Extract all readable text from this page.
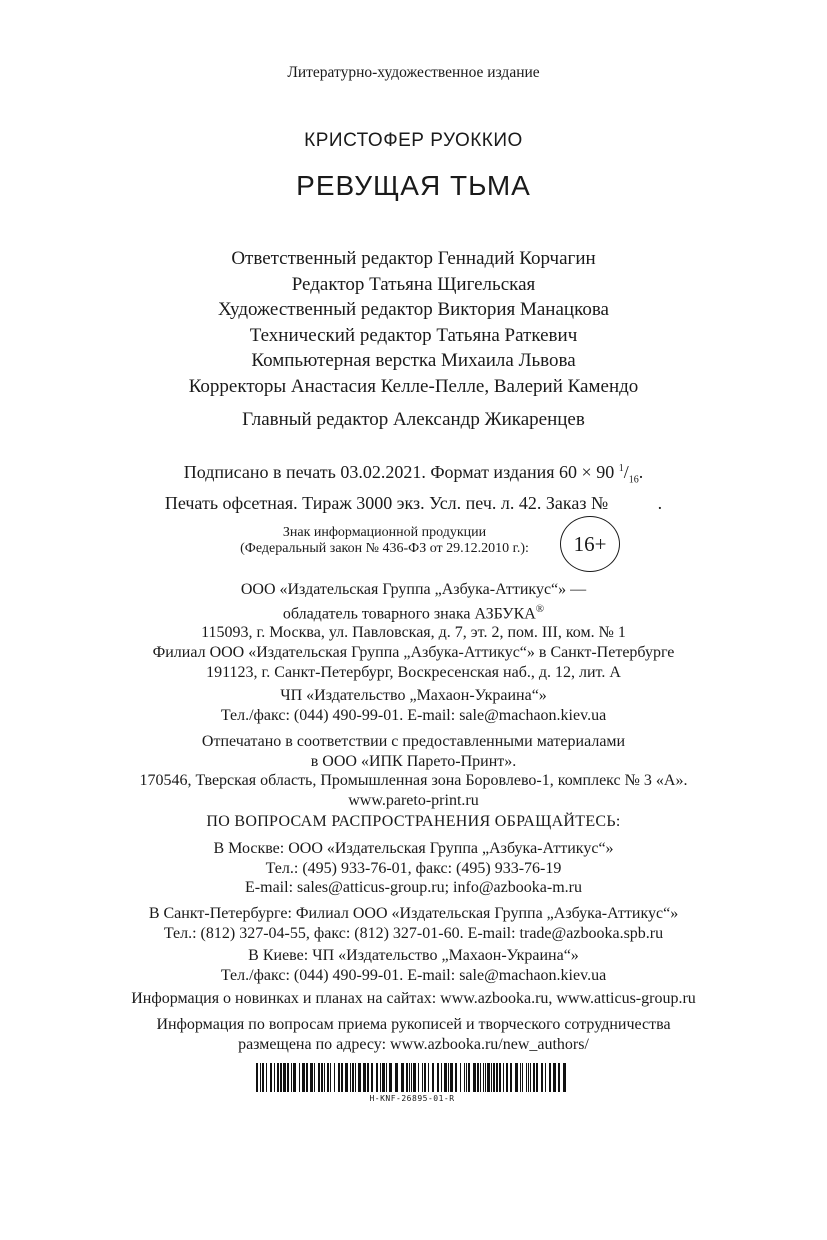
Литературно-художественное издание
КРИСТОФЕР РУОККИО
РЕВУЩАЯ ТЬМА
Ответственный редактор Геннадий Корчагин
Редактор Татьяна Щигельская
Художественный редактор Виктория Манацкова
Технический редактор Татьяна Раткевич
Компьютерная верстка Михаила Львова
Корректоры Анастасия Келле-Пелле, Валерий Камендо
Главный редактор Александр Жикаренцев
Подписано в печать 03.02.2021. Формат издания 60 × 90 $^1/_{16}$.
Печать офсетная. Тираж 3000 экз. Усл. печ. л. 42. Заказ №           .
Знак информационной продукции
(Федеральный закон № 436-ФЗ от 29.12.2010 г.):	16+
ООО «Издательская Группа „Азбука-Аттикус“» —
обладатель товарного знака АЗБУКА®
115093, г. Москва, ул. Павловская, д. 7, эт. 2, пом. III, ком. № 1
Филиал ООО «Издательская Группа „Азбука-Аттикус“» в Санкт-Петербурге
191123, г. Санкт-Петербург, Воскресенская наб., д. 12, лит. А
ЧП «Издательство „Махаон-Украина“»
Тел./факс: (044) 490-99-01. E-mail: sale@machaon.kiev.ua
Отпечатано в соответствии с предоставленными материалами
в ООО «ИПК Парето-Принт».
170546, Тверская область, Промышленная зона Боровлево-1, комплекс № 3 «А».
www.pareto-print.ru
ПО ВОПРОСАМ РАСПРОСТРАНЕНИЯ ОБРАЩАЙТЕСЬ:
В Москве: ООО «Издательская Группа „Азбука-Аттикус“»
Тел.: (495) 933-76-01, факс: (495) 933-76-19
E-mail: sales@atticus-group.ru; info@azbooka-m.ru
В Санкт-Петербурге: Филиал ООО «Издательская Группа „Азбука-Аттикус“»
Тел.: (812) 327-04-55, факс: (812) 327-01-60. E-mail: trade@azbooka.spb.ru
В Киеве: ЧП «Издательство „Махаон-Украина“»
Тел./факс: (044) 490-99-01. E-mail: sale@machaon.kiev.ua
Информация о новинках и планах на сайтах: www.azbooka.ru, www.atticus-group.ru
Информация по вопросам приема рукописей и творческого сотрудничества
размещена по адресу: www.azbooka.ru/new_authors/
H-KNF-26895-01-R
